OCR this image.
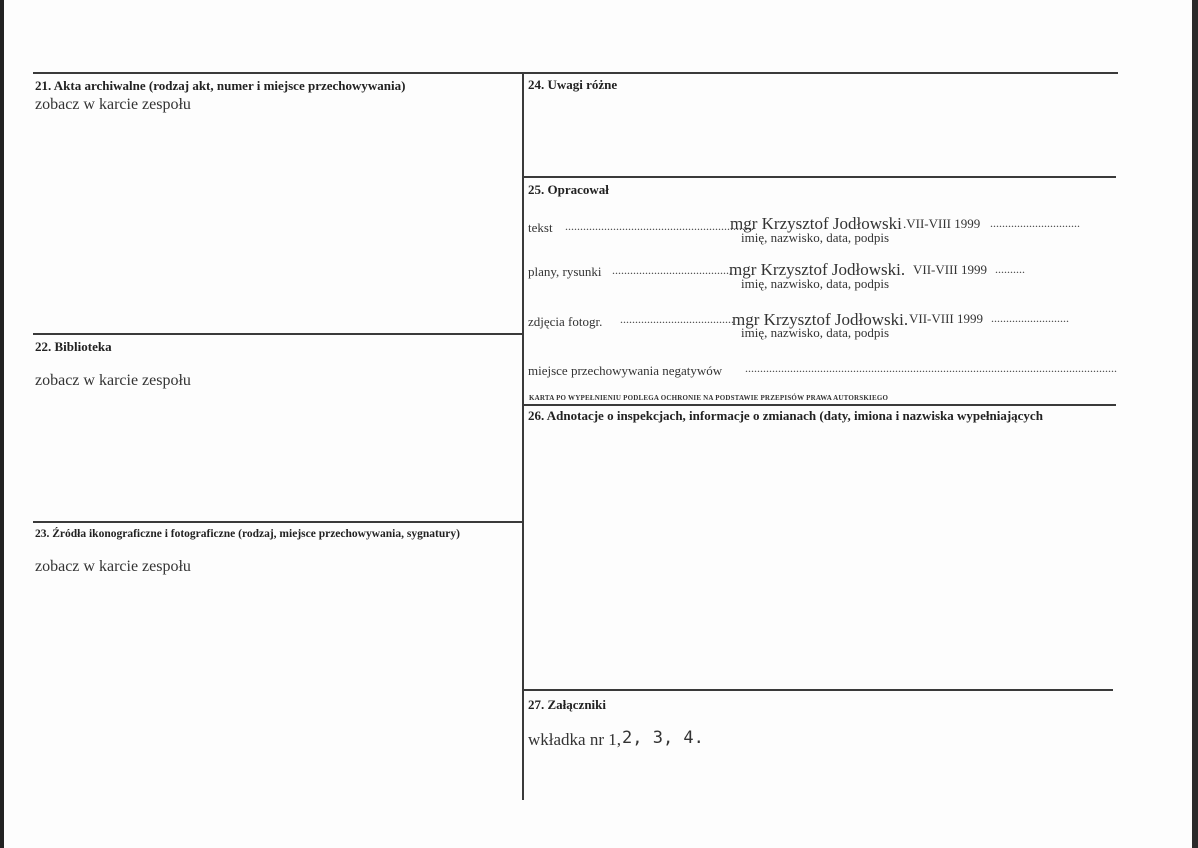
21. Akta archiwalne (rodzaj akt, numer i miejsce przechowywania)
zobacz w karcie zespołu
22. Biblioteka
zobacz w karcie zespołu
23. Źródła ikonograficzne i fotograficzne (rodzaj, miejsce przechowywania, sygnatury)
zobacz w karcie zespołu
24. Uwagi różne
25. Opracował
tekst ...............................................................
mgr Krzysztof Jodłowski .VII-VIII 1999 ..............................
imię, nazwisko, data, podpis
plany, rysunki ........................................
mgr Krzysztof Jodłowski. VII-VIII 1999 ..........
imię, nazwisko, data, podpis
zdjęcia fotogr. ......................................
mgr Krzysztof Jodłowski. VII-VIII 1999 ..........................
imię, nazwisko, data, podpis
miejsce przechowywania negatywów ............................................................................................................................
KARTA PO WYPEŁNIENIU PODLEGA OCHRONIE NA PODSTAWIE PRZEPISÓW PRAWA AUTORSKIEGO
26. Adnotacje o inspekcjach, informacje o zmianach (daty, imiona i nazwiska wypełniających
27. Załączniki
wkładka nr 1, 2, 3, 4.
